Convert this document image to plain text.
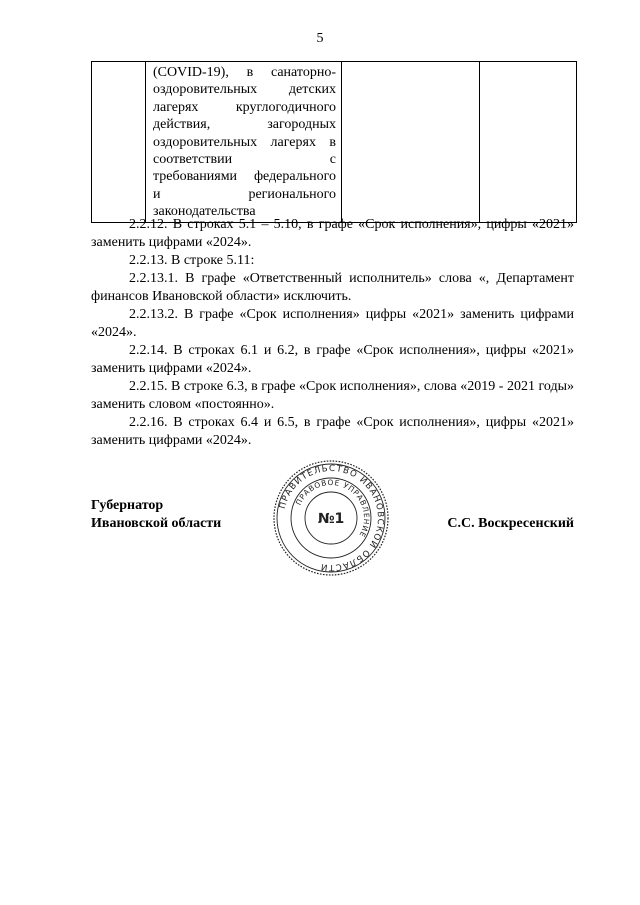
5

(COVID-19), в санаторно-
оздоровительных детских
лагерях круглогодичного
действия, загородных
оздоровительных лагерях в
соответствии с
требованиями федерального
и регионального
законодательства

2.2.12. В строках 5.1 – 5.10, в графе «Срок исполнения», цифры «2021» заменить цифрами «2024».

2.2.13. В строке 5.11:

2.2.13.1. В графе «Ответственный исполнитель» слова «, Департамент финансов Ивановской области» исключить.

2.2.13.2. В графе «Срок исполнения» цифры «2021» заменить цифрами «2024».

2.2.14. В строках 6.1 и 6.2, в графе «Срок исполнения», цифры «2021» заменить цифрами «2024».

2.2.15. В строке 6.3, в графе «Срок исполнения», слова «2019 - 2021 годы» заменить словом «постоянно».

2.2.16. В строках 6.4 и 6.5, в графе «Срок исполнения», цифры «2021» заменить цифрами «2024».

Губернатор
Ивановской области
ПРАВИТЕЛЬСТВО ИВАНОВСКОЙ ОБЛАСТИ
ПРАВОВОЕ УПРАВЛЕНИЕ
№1	С.С. Воскресенский
